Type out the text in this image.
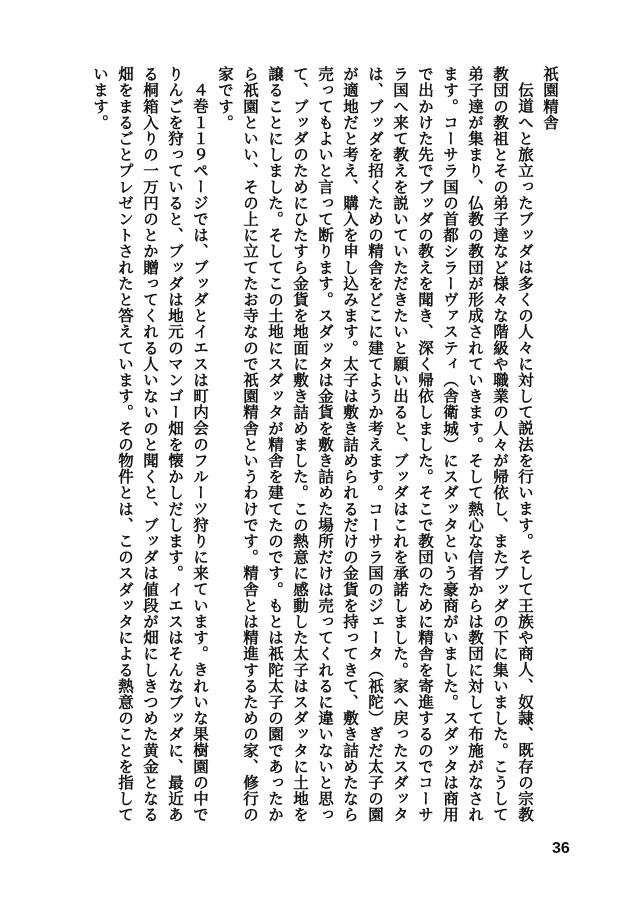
祇園精舎

伝道へと旅立ったブッダは多くの人々に対して説法を行います。そして王族や商人、奴隷、既存の宗教教団の教祖とその弟子達など様々な階級や職業の人々が帰依し、またブッダの下に集いました。こうして弟子達が集まり、仏教の教団が形成されていきます。そして熱心な信者からは教団に対して布施がなされます。コーサラ国の首都シラーヴァスティ（舎衛城）にスダッタという豪商がいました。スダッタは商用で出かけた先でブッダの教えを聞き、深く帰依しました。そこで教団のために精舎を寄進するのでコーサラ国へ来て教えを説いていただきたいと願い出ると、ブッダはこれを承諾しました。家へ戻ったスダッタは、ブッダを招くための精舎をどこに建てようか考えます。コーサラ国のジェータ（祇陀）ぎだ太子の園が適地だと考え、購入を申し込みます。太子は敷き詰められるだけの金貨を持ってきて、敷き詰めたなら売ってもよいと言って断ります。スダッタは金貨を敷き詰めた場所だけは売ってくれるに違いないと思って、ブッダのためにひたすら金貨を地面に敷き詰めました。この熱意に感動した太子はスダッタに土地を譲ることにしました。そしてこの土地にスダッタが精舎を建てたのです。もとは祇陀太子の園であったから祇園といい、その上に立てたお寺なので祇園精舎というわけです。精舎とは精進するための家、修行の家です。

４巻１１９ページでは、ブッダとイエスは町内会のフルーツ狩りに来ています。きれいな果樹園の中でりんごを狩っていると、ブッダは地元のマンゴー畑を懐かしだします。イエスはそんなブッダに、最近ある桐箱入りの一万円のとか贈ってくれる人いないのと聞くと、ブッダは値段が畑にしきつめた黄金となる畑をまるごとプレゼントされたと答えています。その物件とは、このスダッタによる熱意のことを指しています。

36
